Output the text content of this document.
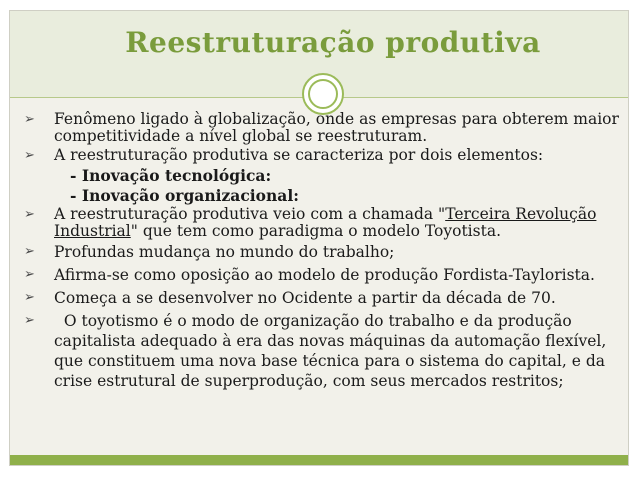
Reestruturação produtiva
➢ Fenômeno ligado à globalização, onde as empresas para obterem maior competitividade a nível global se reestruturam.
➢ A reestruturação produtiva se caracteriza por dois elementos:
- Inovação tecnológica:
- Inovação organizacional:
➢ A reestruturação produtiva veio com a chamada "Terceira Revolução Industrial" que tem como paradigma o modelo Toyotista.
➢ Profundas mudança no mundo do trabalho;
➢ Afirma-se como oposição ao modelo de produção Fordista-Taylorista.
➢ Começa a se desenvolver no Ocidente a partir da década de 70.
➢ O toyotismo é o modo de organização do trabalho e da produção capitalista adequado à era das novas máquinas da automação flexível, que constituem uma nova base técnica para o sistema do capital, e da crise estrutural de superprodução, com seus mercados restritos;
